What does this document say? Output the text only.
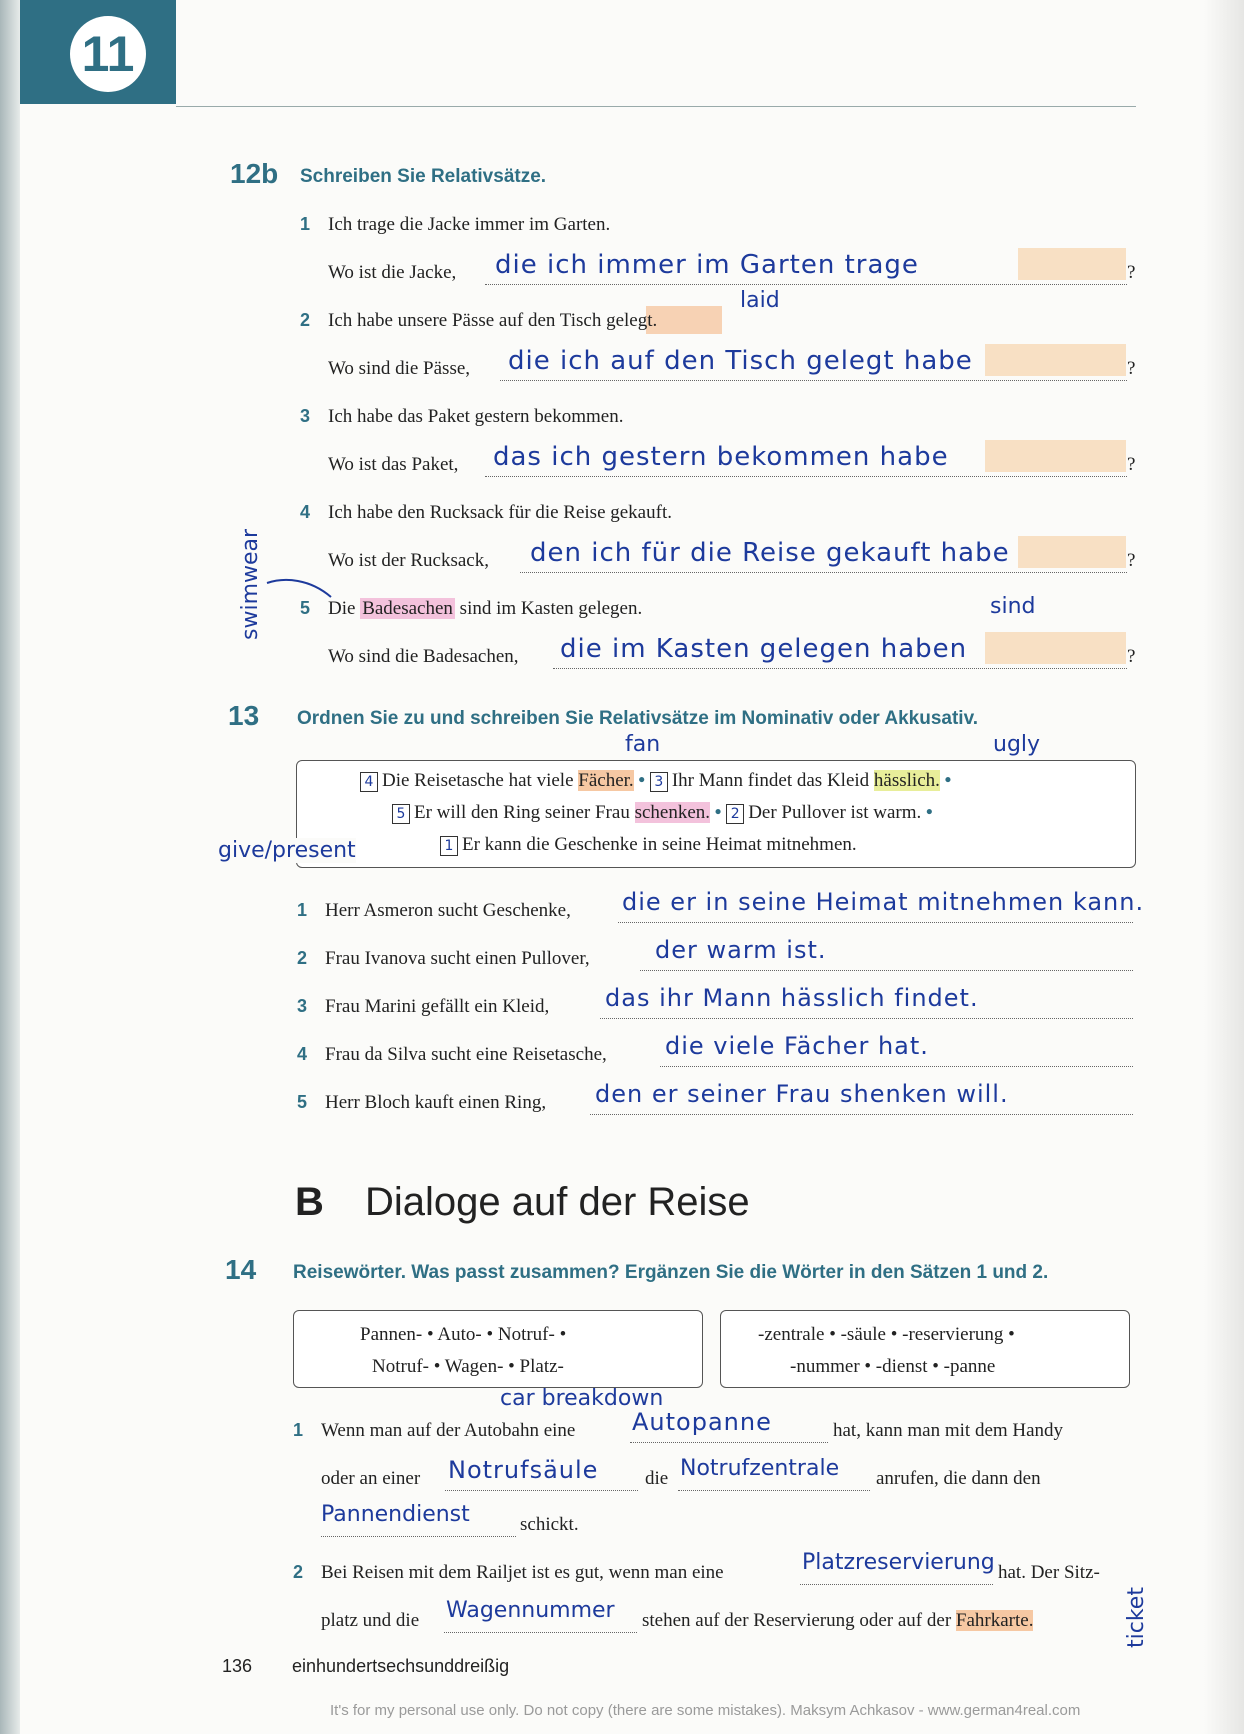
11
12b Schreiben Sie Relativsätze.
1 Ich trage die Jacke immer im Garten.
Wo ist die Jacke, die ich immer im Garten trage	?
2 Ich habe unsere Pässe auf den Tisch gelegt.
laid
Wo sind die Pässe, die ich auf den Tisch gelegt habe	?
3 Ich habe das Paket gestern bekommen.
Wo ist das Paket, das ich gestern bekommen habe	?
4 Ich habe den Rucksack für die Reise gekauft.
Wo ist der Rucksack, den ich für die Reise gekauft habe	?
5 Die Badesachen sind im Kasten gelegen.	sind
Wo sind die Badesachen, die im Kasten gelegen haben	?
swimwear
13 Ordnen Sie zu und schreiben Sie Relativsätze im Nominativ oder Akkusativ.
fan	ugly
4 Die Reisetasche hat viele Fächer. • 3 Ihr Mann findet das Kleid hässlich. •
5 Er will den Ring seiner Frau schenken. • 2 Der Pullover ist warm. •
1 Er kann die Geschenke in seine Heimat mitnehmen.
give/present
1 Herr Asmeron sucht Geschenke, die er in seine Heimat mitnehmen kann.
2 Frau Ivanova sucht einen Pullover,	der warm ist.
3 Frau Marini gefällt ein Kleid, das ihr Mann hässlich findet.
4 Frau da Silva sucht eine Reisetasche, die viele Fächer hat.
5 Herr Bloch kauft einen Ring, den er seiner Frau shenken will.
B Dialoge auf der Reise
14 Reisewörter. Was passt zusammen? Ergänzen Sie die Wörter in den Sätzen 1 und 2.
Pannen- • Auto- • Notruf- •
Notruf- • Wagen- • Platz-
-zentrale • -säule • -reservierung •
-nummer • -dienst • -panne
car breakdown
1 Wenn man auf der Autobahn eine Autopanne	hat, kann man mit dem Handy
oder an einer Notrufsäule die Notrufzentrale anrufen, die dann den
Pannendienst	schickt.
2 Bei Reisen mit dem Railjet ist es gut, wenn man eine	Platzreservierung hat. Der Sitz-
platz und die Wagennummer stehen auf der Reservierung oder auf der Fahrkarte.	ticket
136 einhundertsechsunddreißig
It's for my personal use only. Do not copy (there are some mistakes). Maksym Achkasov - www.german4real.com
